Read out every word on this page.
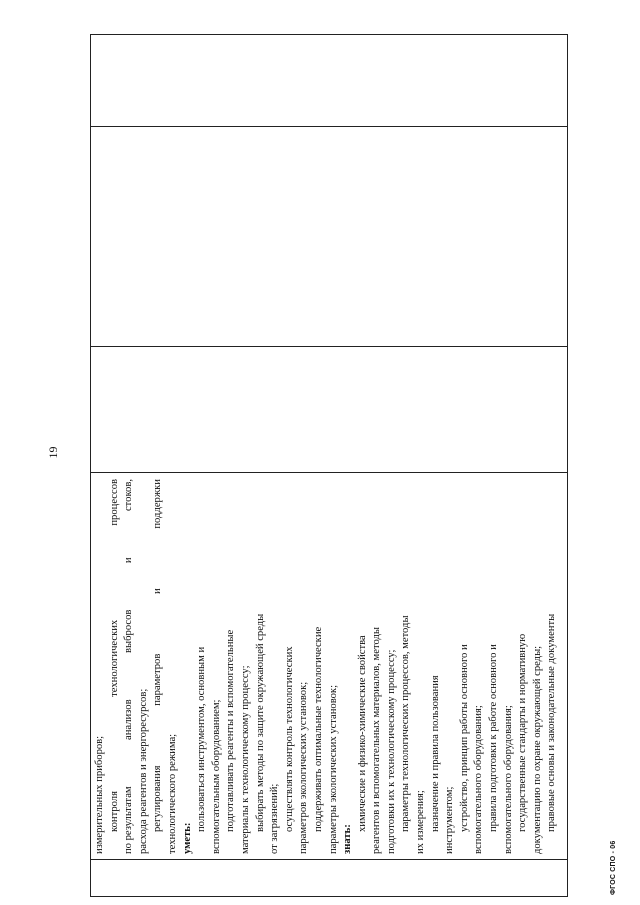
19
измерительных приборов; контроля
технологических
процессов
по результатам
анализов
выбросов
и
стоков,
расхода реагентов и энергоресурсов; регулирования
параметров
и
поддержки
технологического режима; уметь:
пользоваться инструментом, основным и вспомогательным оборудованием; подготавливать реагенты и вспомогательные материалы к технологическому процессу; выбирать методы по защите окружающей среды от загрязнений; осуществлять контроль технологических параметров экологических установок; поддерживать оптимальные технологические параметры экологических установок; знать:
химические и физико-химические свойства реагентов и вспомогательных материалов, методы подготовки их к технологическому процессу; параметры технологических процессов, методы их измерения; назначение и правила пользования инструментом; устройство, принцип работы основного и вспомогательного оборудования; правила подготовки к работе основного и вспомогательного оборудования; государственные стандарты и нормативную документацию по охране окружающей среды; правовые основы и законодательные документы
ФГОС СПО - 06
